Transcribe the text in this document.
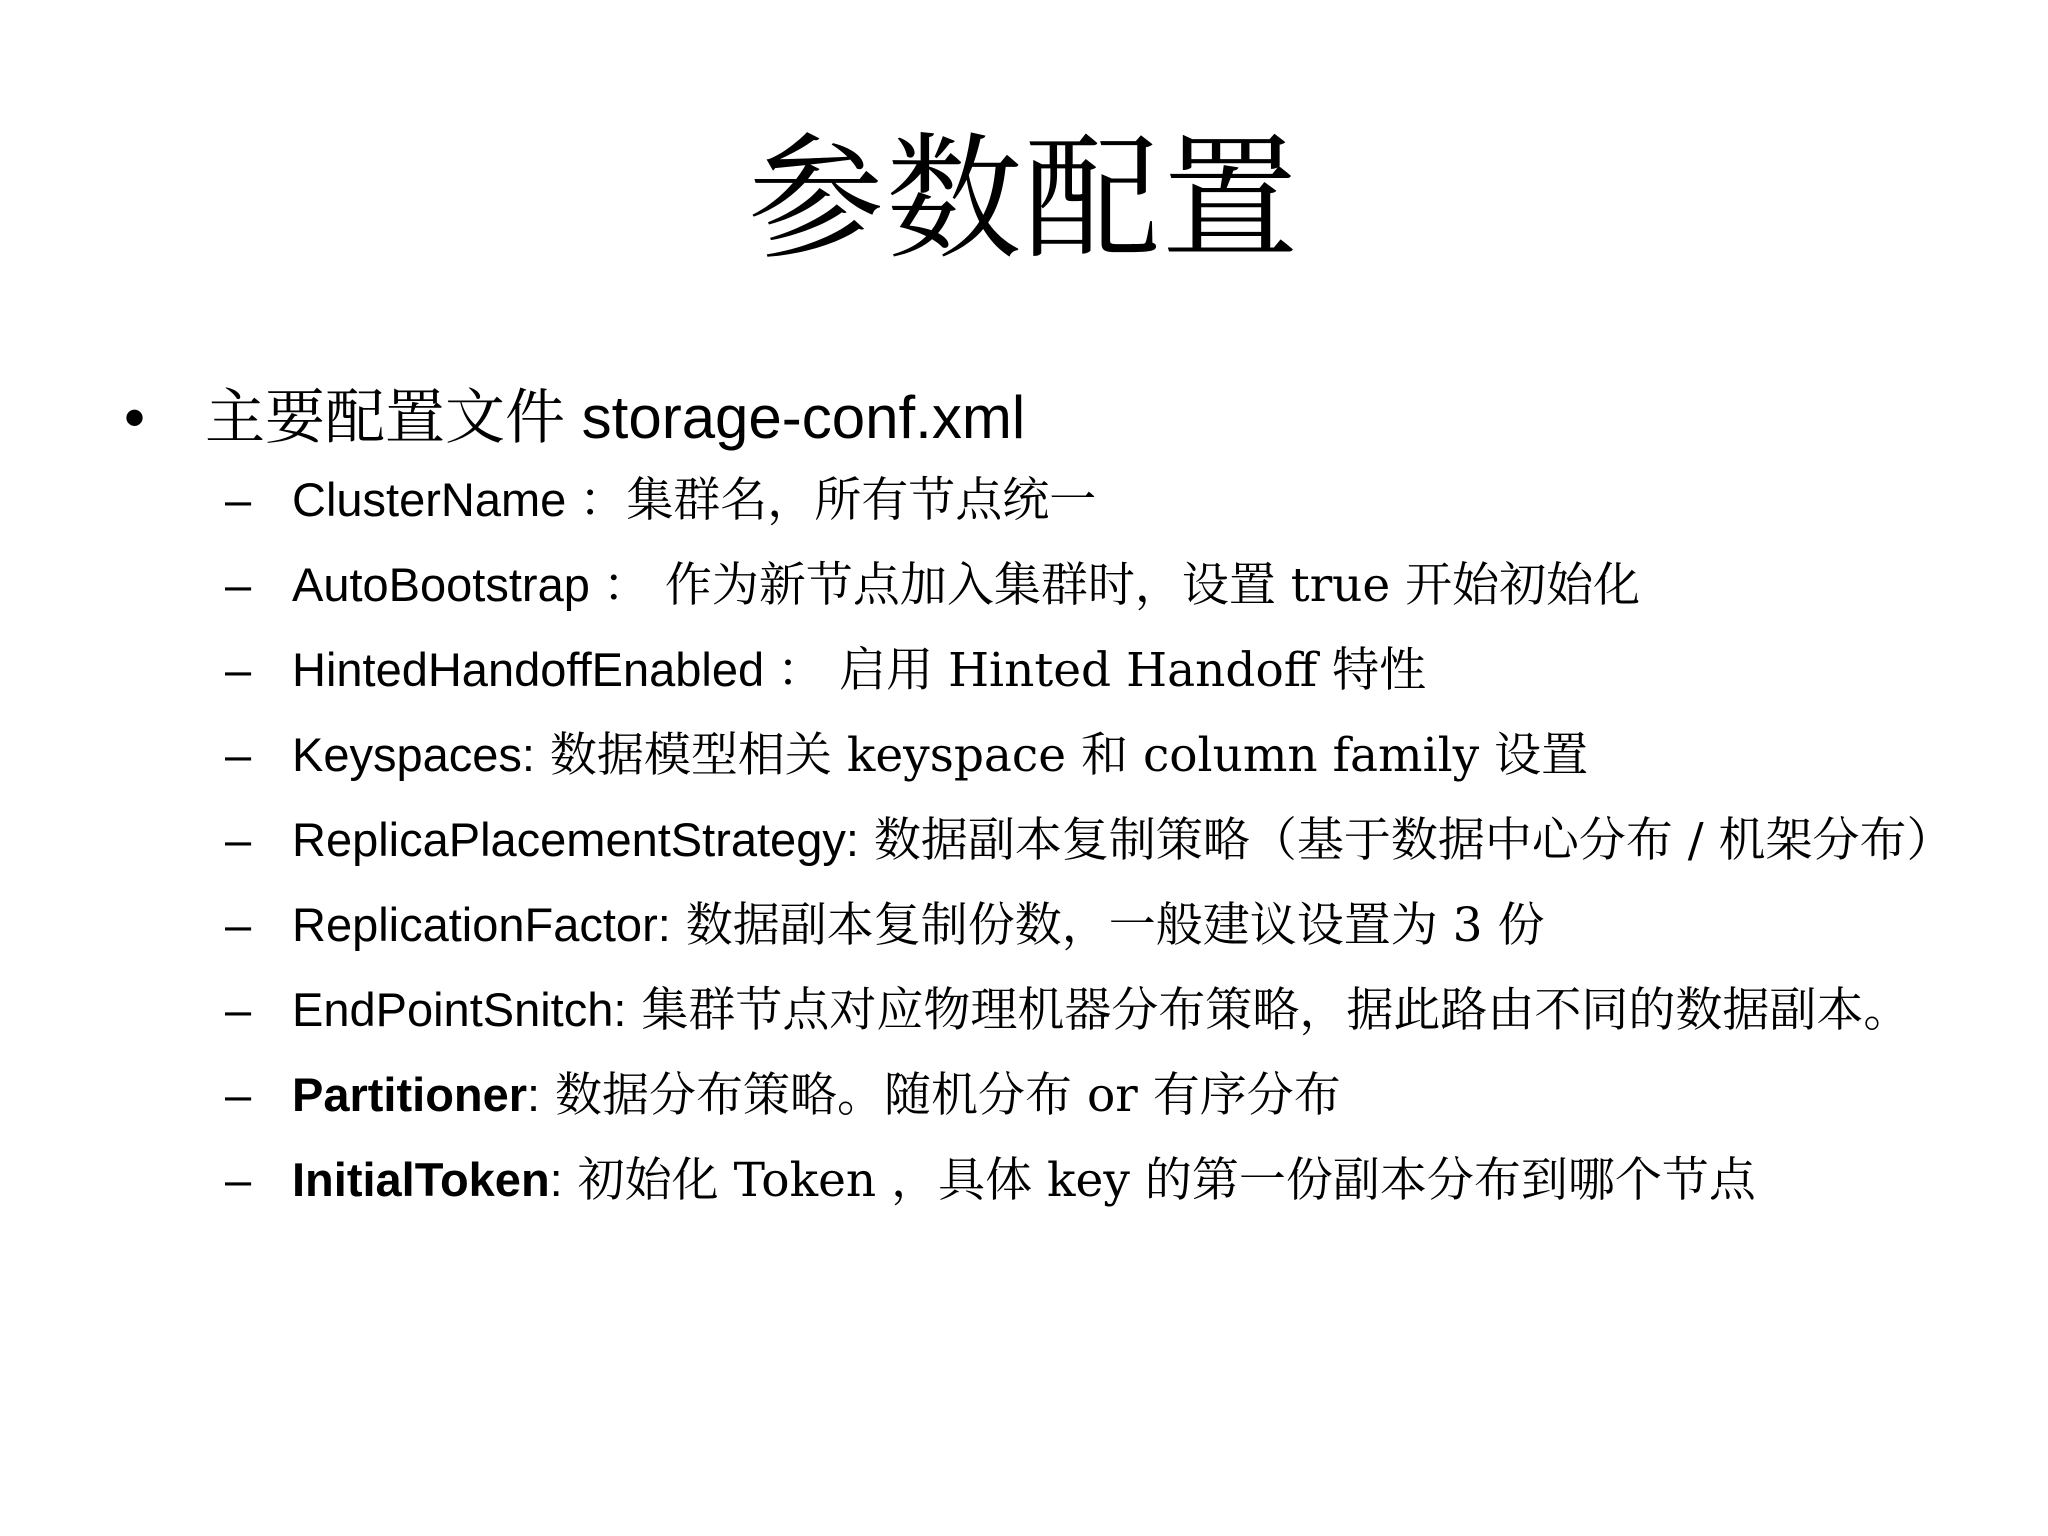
参数配置
• 主要配置文件 storage-conf.xml
– ClusterName ：集群名，所有节点统一
– AutoBootstrap ： 作为新节点加入集群时，设置 true 开始初始化
– HintedHandoffEnabled ： 启用 Hinted Handoff 特性
– Keyspaces: 数据模型相关 keyspace 和 column family 设置
– ReplicaPlacementStrategy: 数据副本复制策略（基于数据中心分布 / 机架分布）
– ReplicationFactor: 数据副本复制份数，一般建议设置为 3 份
– EndPointSnitch: 集群节点对应物理机器分布策略，据此路由不同的数据副本。
– Partitioner: 数据分布策略。随机分布 or 有序分布
– InitialToken: 初始化 Token ，具体 key 的第一份副本分布到哪个节点
